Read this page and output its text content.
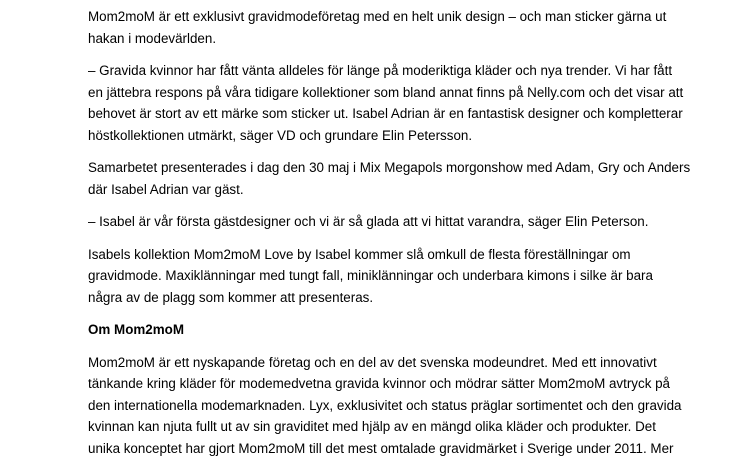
Mom2moM är ett exklusivt gravidmodeföretag med en helt unik design – och man sticker gärna ut
hakan i modevärlden.

– Gravida kvinnor har fått vänta alldeles för länge på moderiktiga kläder och nya trender. Vi har fått
en jättebra respons på våra tidigare kollektioner som bland annat finns på Nelly.com och det visar att
behovet är stort av ett märke som sticker ut. Isabel Adrian är en fantastisk designer och kompletterar
höstkollektionen utmärkt, säger VD och grundare Elin Petersson.

Samarbetet presenterades i dag den 30 maj i Mix Megapols morgonshow med Adam, Gry och Anders
där Isabel Adrian var gäst.

– Isabel är vår första gästdesigner och vi är så glada att vi hittat varandra, säger Elin Peterson.

Isabels kollektion Mom2moM Love by Isabel kommer slå omkull de flesta föreställningar om
gravidmode. Maxiklänningar med tungt fall, miniklänningar och underbara kimons i silke är bara
några av de plagg som kommer att presenteras.

Om Mom2moM

Mom2moM är ett nyskapande företag och en del av det svenska modeundret. Med ett innovativt
tänkande kring kläder för modemedvetna gravida kvinnor och mödrar sätter Mom2moM avtryck på
den internationella modemarknaden. Lyx, exklusivitet och status präglar sortimentet och den gravida
kvinnan kan njuta fullt ut av sin graviditet med hjälp av en mängd olika kläder och produkter. Det
unika konceptet har gjort Mom2moM till det mest omtalade gravidmärket i Sverige under 2011. Mer
